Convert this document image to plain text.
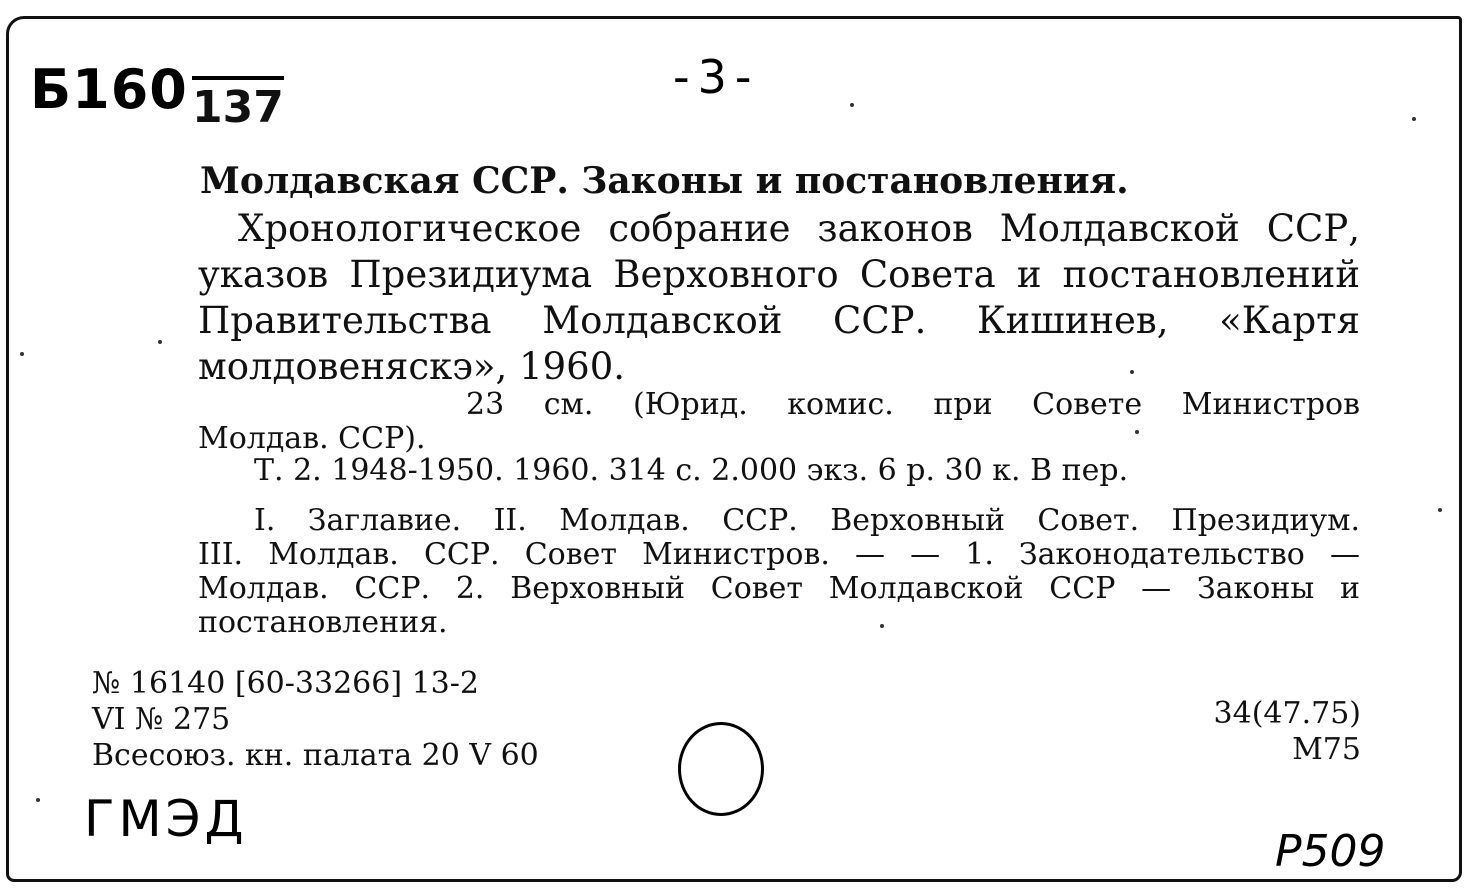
Б160 137
-3-
Молдавская ССР. Законы и постановления.
Хронологическое собрание законов Молдавской ССР,
указов Президиума Верховного Совета и постановлений
Правительства Молдавской ССР. Кишинев, «Картя
молдовеняскэ», 1960.
23 см. (Юрид. комис. при Совете Министров
Молдав. ССР).
Т. 2. 1948-1950. 1960. 314 с. 2.000 экз. 6 р. 30 к. В пер.
I. Заглавие. II. Молдав. ССР. Верховный Совет. Президиум.
III. Молдав. ССР. Совет Министров. — — 1. Законодательство —
Молдав. ССР. 2. Верховный Совет Молдавской ССР — Законы и
постановления.
№ 16140 [60-33266] 13-2
VI № 275
Всесоюз. кн. палата 20 V 60
34(47.75)
М75
ГМЭД
Р509
